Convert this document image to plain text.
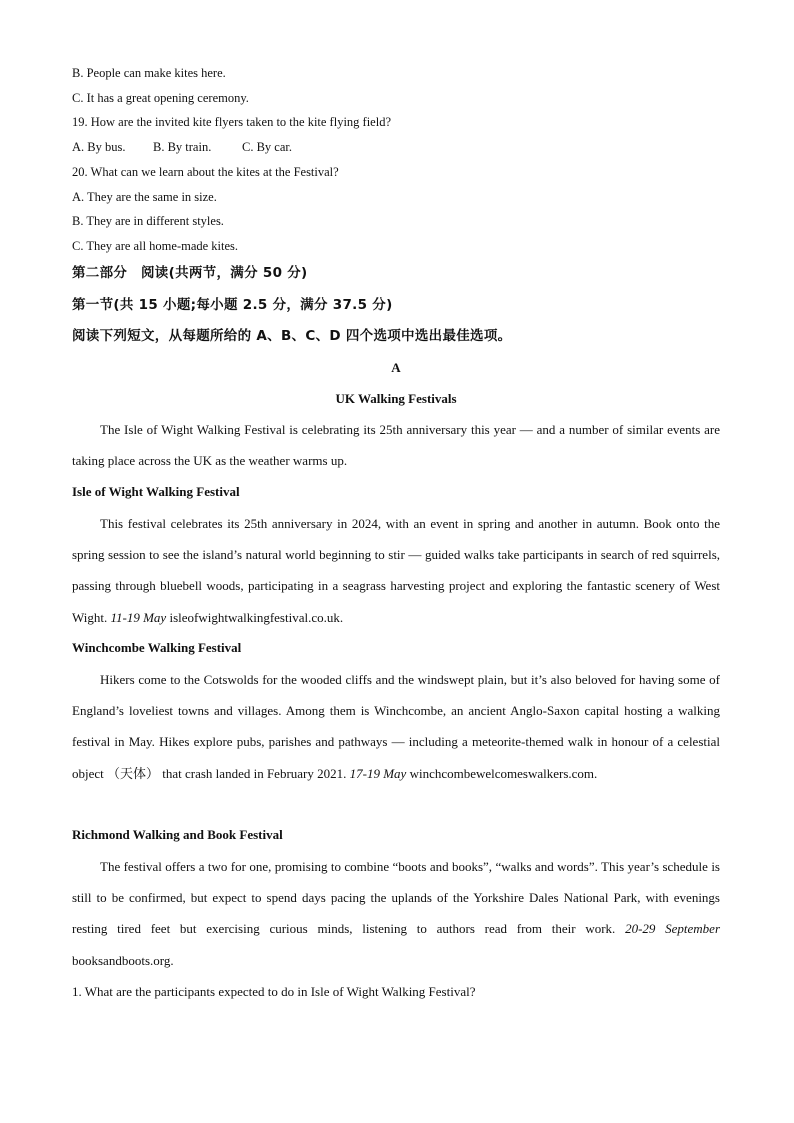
B. People can make kites here.
C. It has a great opening ceremony.
19. How are the invited kite flyers taken to the kite flying field?
A. By bus. B. By train. C. By car.
20. What can we learn about the kites at the Festival?
A. They are the same in size.
B. They are in different styles.
C. They are all home-made kites.
第二部分　阅读(共两节，满分 50 分)
第一节(共 15 小题;每小题 2.5 分，满分 37.5 分)
阅读下列短文，从每题所给的 A、B、C、D 四个选项中选出最佳选项。
A
UK Walking Festivals
The Isle of Wight Walking Festival is celebrating its 25th anniversary this year — and a number of similar events are taking place across the UK as the weather warms up.
Isle of Wight Walking Festival
This festival celebrates its 25th anniversary in 2024, with an event in spring and another in autumn. Book onto the spring session to see the island’s natural world beginning to stir — guided walks take participants in search of red squirrels, passing through bluebell woods, participating in a seagrass harvesting project and exploring the fantastic scenery of West Wight. 11-19 May isleofwightwalkingfestival.co.uk.
Winchcombe Walking Festival
Hikers come to the Cotswolds for the wooded cliffs and the windswept plain, but it’s also beloved for having some of England’s loveliest towns and villages. Among them is Winchcombe, an ancient Anglo-Saxon capital hosting a walking festival in May. Hikes explore pubs, parishes and pathways — including a meteorite-themed walk in honour of a celestial object （天体） that crash landed in February 2021. 17-19 May winchcombewelcomeswalkers.com.
Richmond Walking and Book Festival
The festival offers a two for one, promising to combine “boots and books”, “walks and words”. This year’s schedule is still to be confirmed, but expect to spend days pacing the uplands of the Yorkshire Dales National Park, with evenings resting tired feet but exercising curious minds, listening to authors read from their work. 20-29 September booksandboots.org.
1. What are the participants expected to do in Isle of Wight Walking Festival?
